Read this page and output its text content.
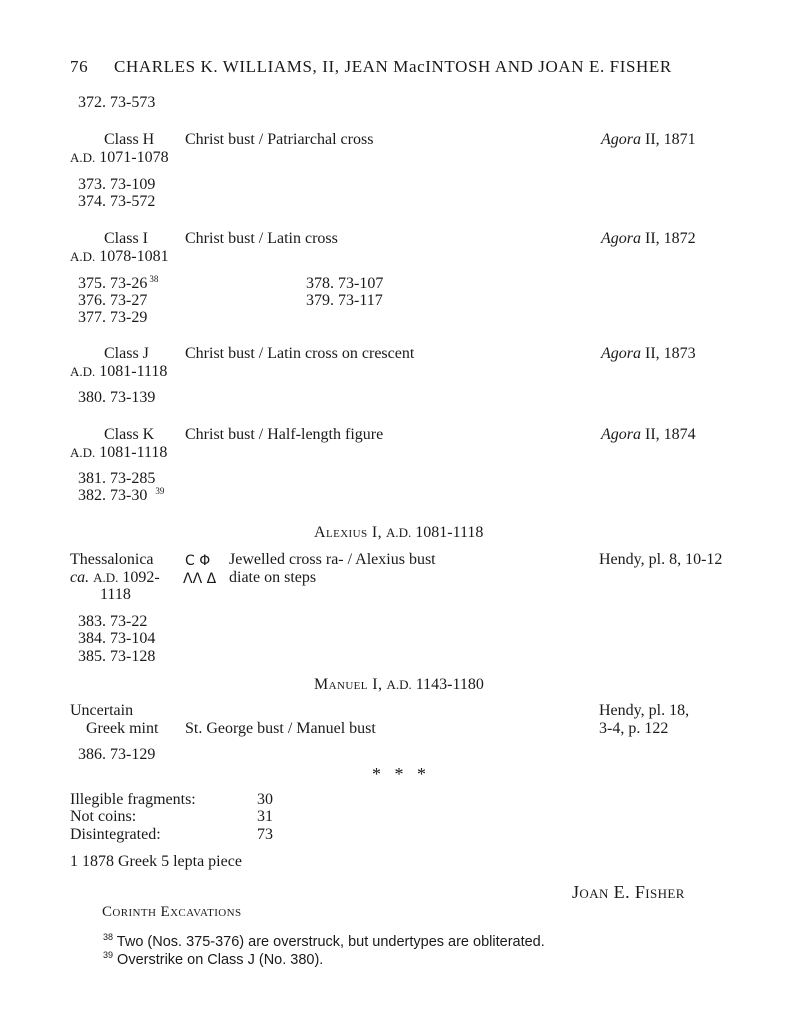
76 CHARLES K. WILLIAMS, II, JEAN MacINTOSH AND JOAN E. FISHER
372. 73-573
Class H Christ bust / Patriarchal cross	Agora II, 1871
A.D. 1071-1078
373. 73-109
374. 73-572
Class I Christ bust / Latin cross	Agora II, 1872
A.D. 1078-1081
375. 73-26 $^{38}$
376. 73-27
377. 73-29
378. 73-107
379. 73-117
Class J Christ bust / Latin cross on crescent	Agora II, 1873
A.D. 1081-1118
380. 73-139
Class K Christ bust / Half-length figure	Agora II, 1874
A.D. 1081-1118
381. 73-285
382. 73-30 $^{39}$
Alexius I, A.D. 1081-1118
Thessalonica C Φ Jewelled cross ra- / Alexius bust	Hendy, pl. 8, 10-12
ca. A.D. 1092- ΛΛ Δ diate on steps
1118
383. 73-22
384. 73-104
385. 73-128
Manuel I, A.D. 1143-1180
Uncertain	Hendy, pl. 18,
Greek mint St. George bust / Manuel bust	3-4, p. 122
386. 73-129
*   *   *
Illegible fragments:	30
Not coins:	31
Disintegrated:	73
1 1878 Greek 5 lepta piece
Joan E. Fisher
Corinth Excavations
$^{38}$ Two (Nos. 375-376) are overstruck, but undertypes are obliterated.
$^{39}$ Overstrike on Class J (No. 380).
